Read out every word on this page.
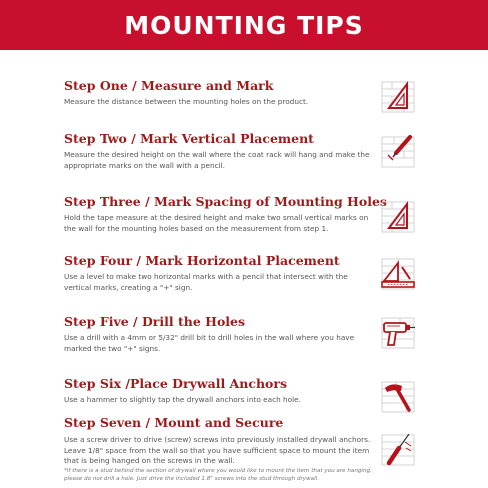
MOUNTING TIPS
Step One / Measure and Mark

Measure the distance between the mounting holes on the product.

Step Two / Mark Vertical Placement

Measure the desired height on the wall where the coat rack will hang and make the appropriate marks on the wall with a pencil.

Step Three / Mark Spacing of Mounting Holes

Hold the tape measure at the desired height and make two small vertical marks on the wall for the mounting holes based on the measurement from step 1.

Step Four / Mark Horizontal Placement

Use a level to make two horizontal marks with a pencil that intersect with the vertical marks, creating a "+" sign.

Step Five / Drill the Holes

Use a drill with a 4mm or 5/32" drill bit to drill holes in the wall where you have marked the two "+" signs.

Step Six /Place Drywall Anchors

Use a hammer to slightly tap the drywall anchors into each hole.

Step Seven / Mount and Secure

Use a screw driver to drive (screw) screws into previously installed drywall anchors. Leave 1/8" space from the wall so that you have sufficient space to mount the item that is being hanged on the screws in the wall.

*If there is a stud behind the section of drywall where you would like to mount the item that you are hanging, please do not drill a hole. Just drive the included 1.8" screws into the stud through drywall.
